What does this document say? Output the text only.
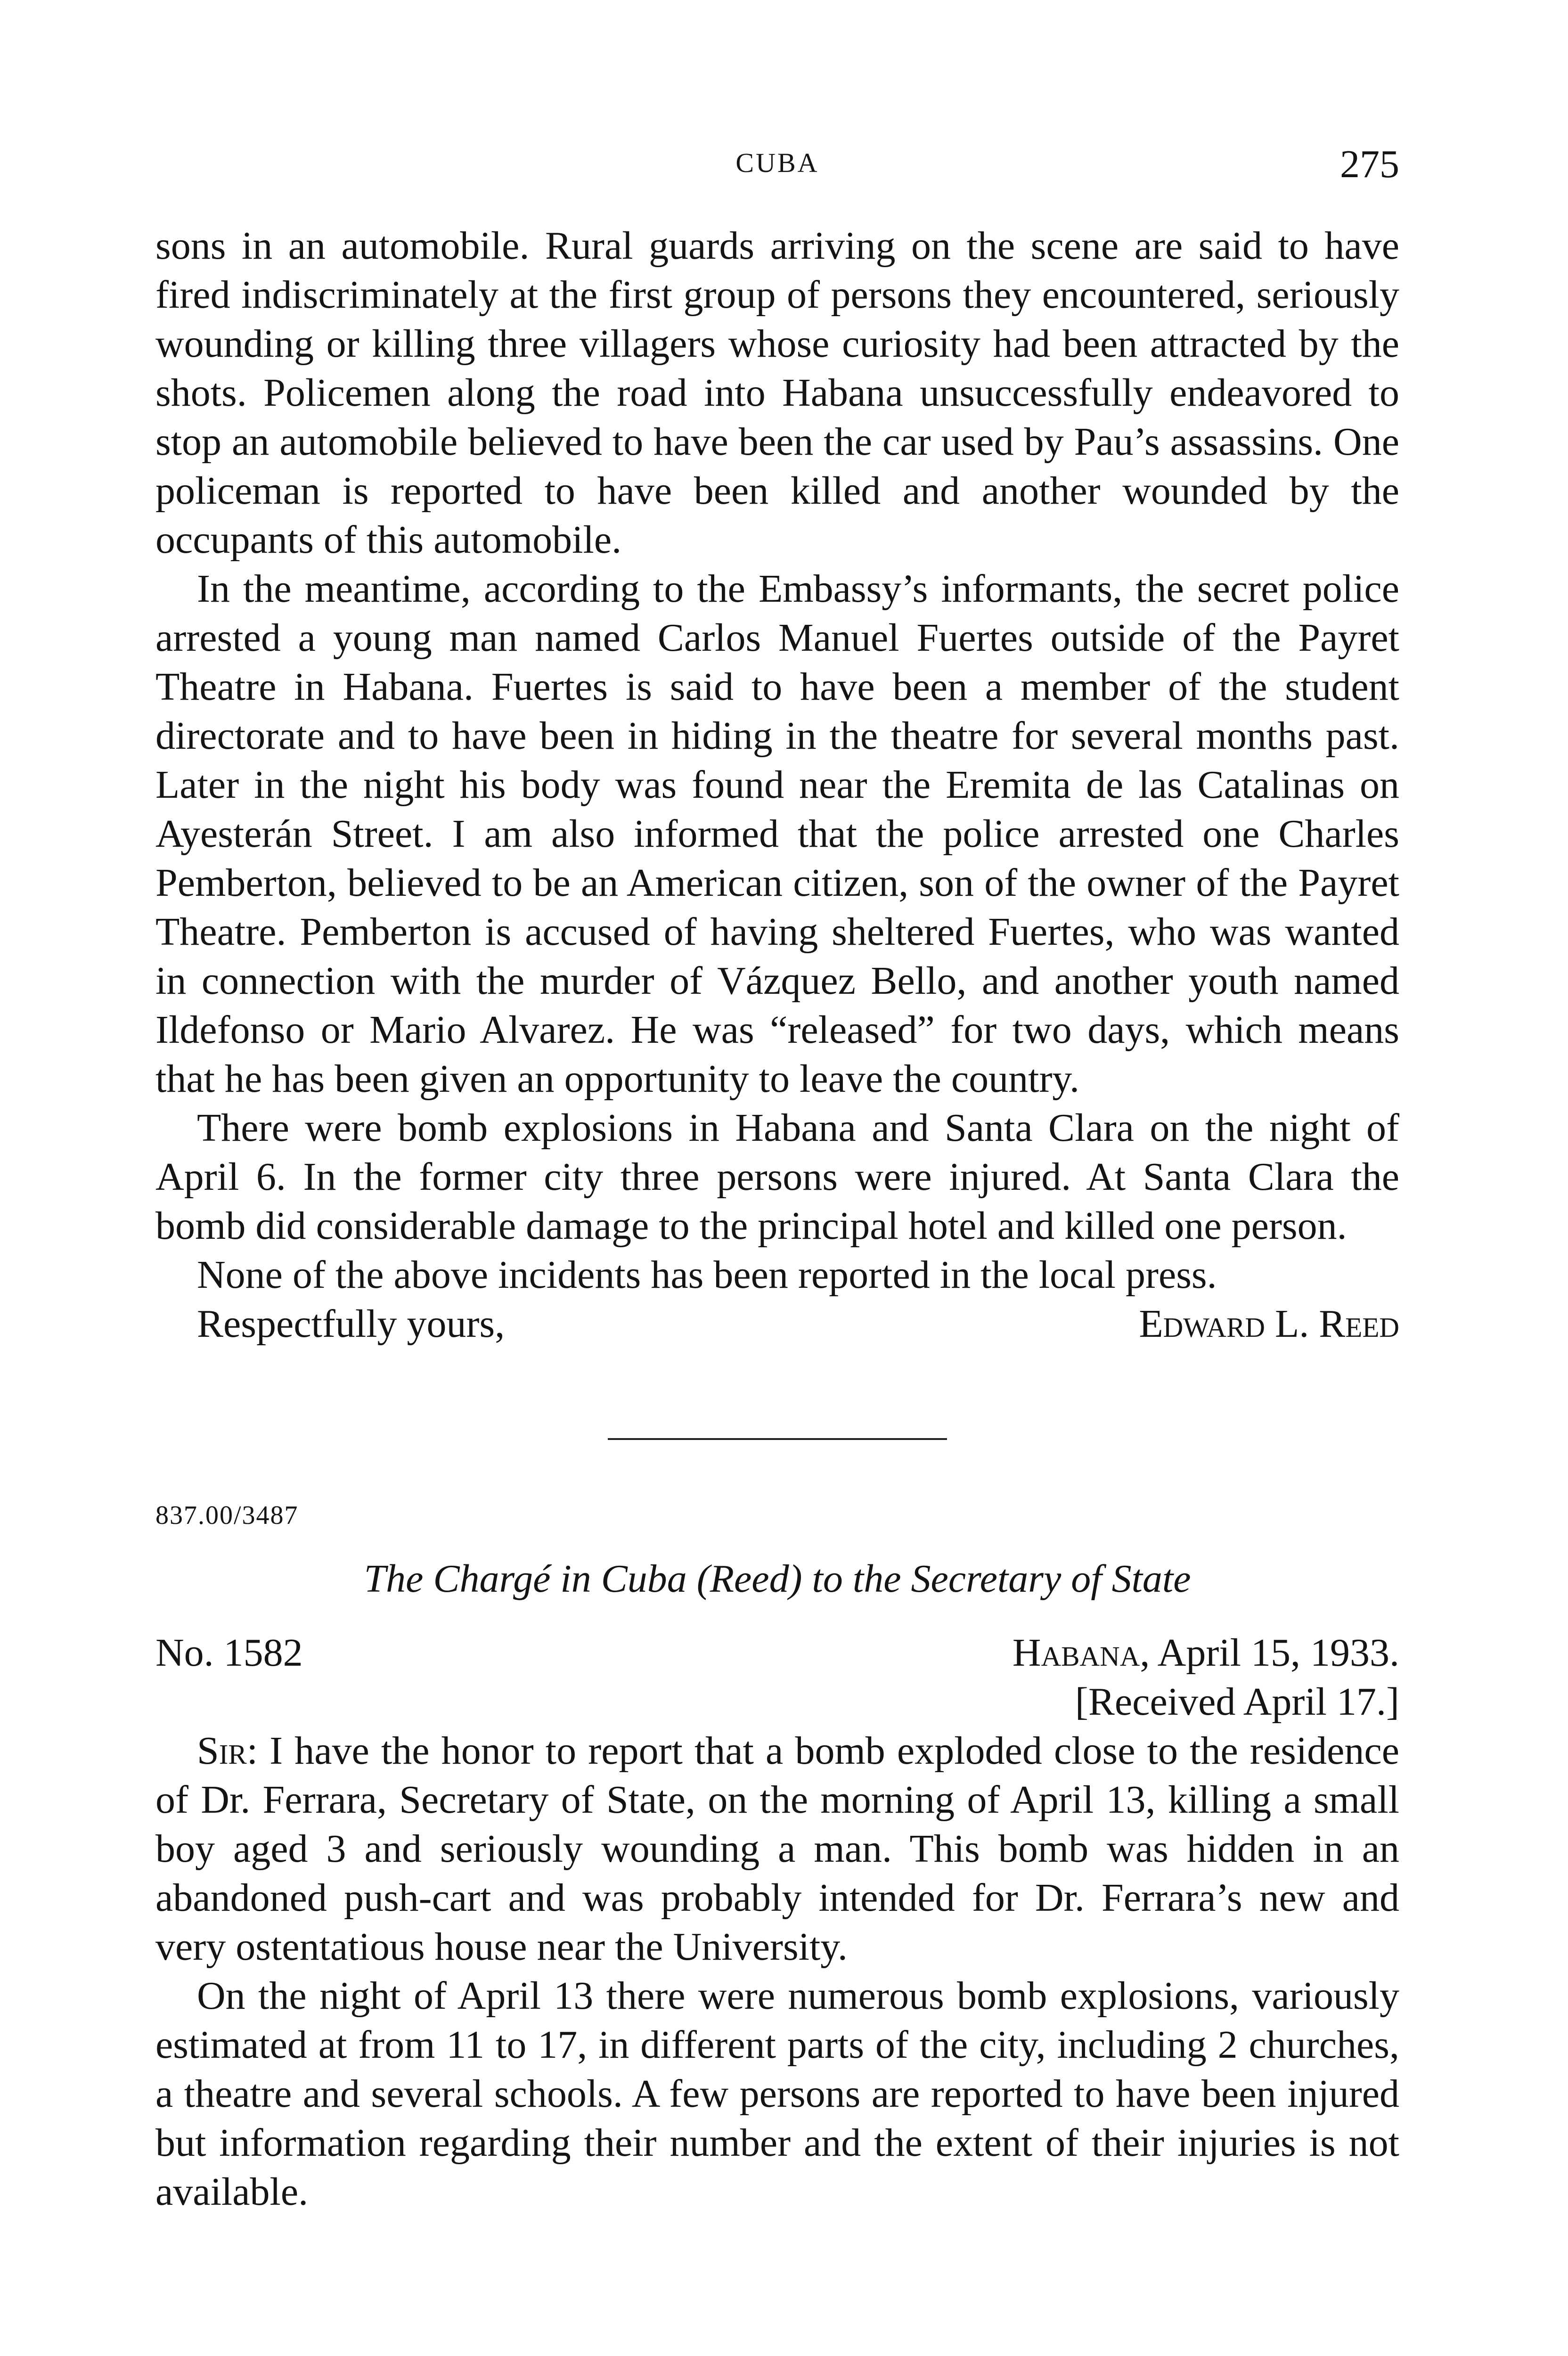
CUBA	275

sons in an automobile. Rural guards arriving on the scene are said to have fired indiscriminately at the first group of persons they encountered, seriously wounding or killing three villagers whose curiosity had been attracted by the shots. Policemen along the road into Habana unsuccessfully endeavored to stop an automobile believed to have been the car used by Pau’s assassins. One policeman is reported to have been killed and another wounded by the occupants of this automobile.

In the meantime, according to the Embassy’s informants, the secret police arrested a young man named Carlos Manuel Fuertes outside of the Payret Theatre in Habana. Fuertes is said to have been a member of the student directorate and to have been in hiding in the theatre for several months past. Later in the night his body was found near the Eremita de las Catalinas on Ayesterán Street. I am also informed that the police arrested one Charles Pemberton, believed to be an American citizen, son of the owner of the Payret Theatre. Pemberton is accused of having sheltered Fuertes, who was wanted in connection with the murder of Vázquez Bello, and another youth named Ildefonso or Mario Alvarez. He was “released” for two days, which means that he has been given an opportunity to leave the country.

There were bomb explosions in Habana and Santa Clara on the night of April 6. In the former city three persons were injured. At Santa Clara the bomb did considerable damage to the principal hotel and killed one person.

None of the above incidents has been reported in the local press.

Respectfully yours,	Edward L. Reed
837.00/3487
The Chargé in Cuba (Reed) to the Secretary of State
No. 1582	Habana, April 15, 1933.
[Received April 17.]

Sir: I have the honor to report that a bomb exploded close to the residence of Dr. Ferrara, Secretary of State, on the morning of April 13, killing a small boy aged 3 and seriously wounding a man. This bomb was hidden in an abandoned push-cart and was probably intended for Dr. Ferrara’s new and very ostentatious house near the University.

On the night of April 13 there were numerous bomb explosions, variously estimated at from 11 to 17, in different parts of the city, including 2 churches, a theatre and several schools. A few persons are reported to have been injured but information regarding their number and the extent of their injuries is not available.
